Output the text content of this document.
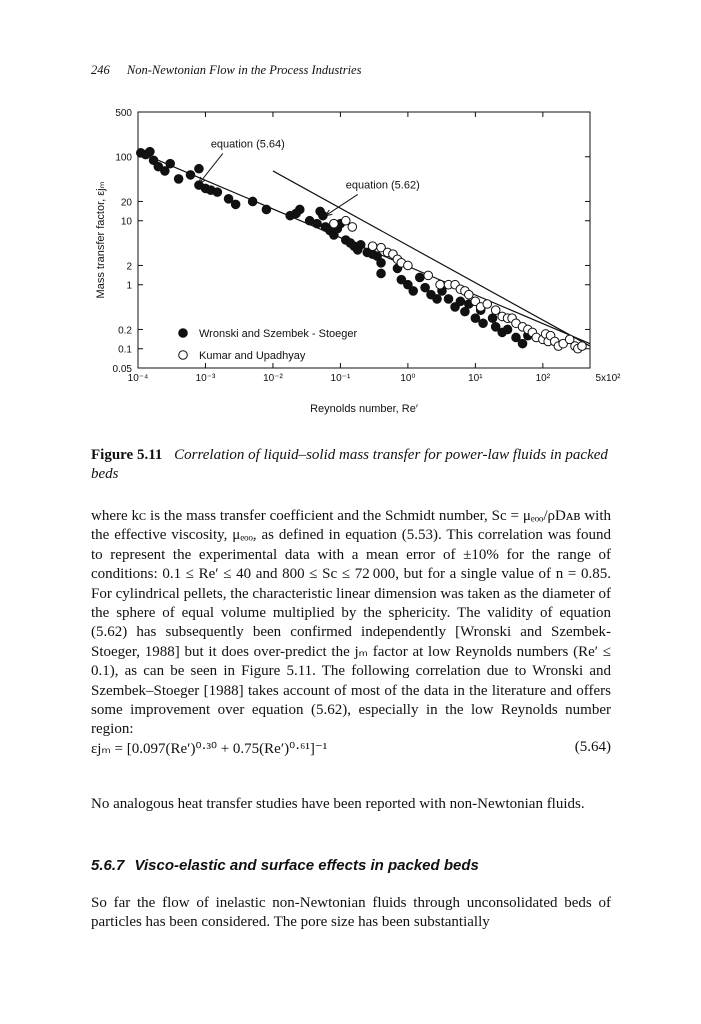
246 Non-Newtonian Flow in the Process Industries
500
100
20
10
2
1
0.2
0.1
0.05
10⁻⁴	10⁻³	10⁻²	10⁻¹	10⁰	10¹	10²	5x10²
equation (5.64)
equation (5.62)
Wronski and Szembek - Stoeger
Kumar and Upadhyay
Reynolds number, Re′
Mass transfer factor, εjₘ
Figure 5.11 Correlation of liquid–solid mass transfer for power-law fluids in packed beds

where kᴄ is the mass transfer coefficient and the Schmidt number, Sc = μₑₒₒ/ρDᴀʙ with the effective viscosity, μₑₒₒ, as defined in equation (5.53). This correlation was found to represent the experimental data with a mean error of ±10% for the range of conditions: 0.1 ≤ Re′ ≤ 40 and 800 ≤ Sc ≤ 72 000, but for a single value of n = 0.85. For cylindrical pellets, the characteristic linear dimension was taken as the diameter of the sphere of equal volume multiplied by the sphericity. The validity of equation (5.62) has subsequently been confirmed independently [Wronski and Szembek-Stoeger, 1988] but it does over-predict the jₘ factor at low Reynolds numbers (Re′ ≤ 0.1), as can be seen in Figure 5.11. The following correlation due to Wronski and Szembek–Stoeger [1988] takes account of most of the data in the literature and offers some improvement over equation (5.62), especially in the low Reynolds number region:

εjₘ = [0.097(Re′)⁰·³⁰ + 0.75(Re′)⁰·⁶¹]⁻¹	(5.64)

No analogous heat transfer studies have been reported with non-Newtonian fluids.

5.6.7 Visco-elastic and surface effects in packed beds

So far the flow of inelastic non-Newtonian fluids through unconsolidated beds of particles has been considered. The pore size has been substantially
